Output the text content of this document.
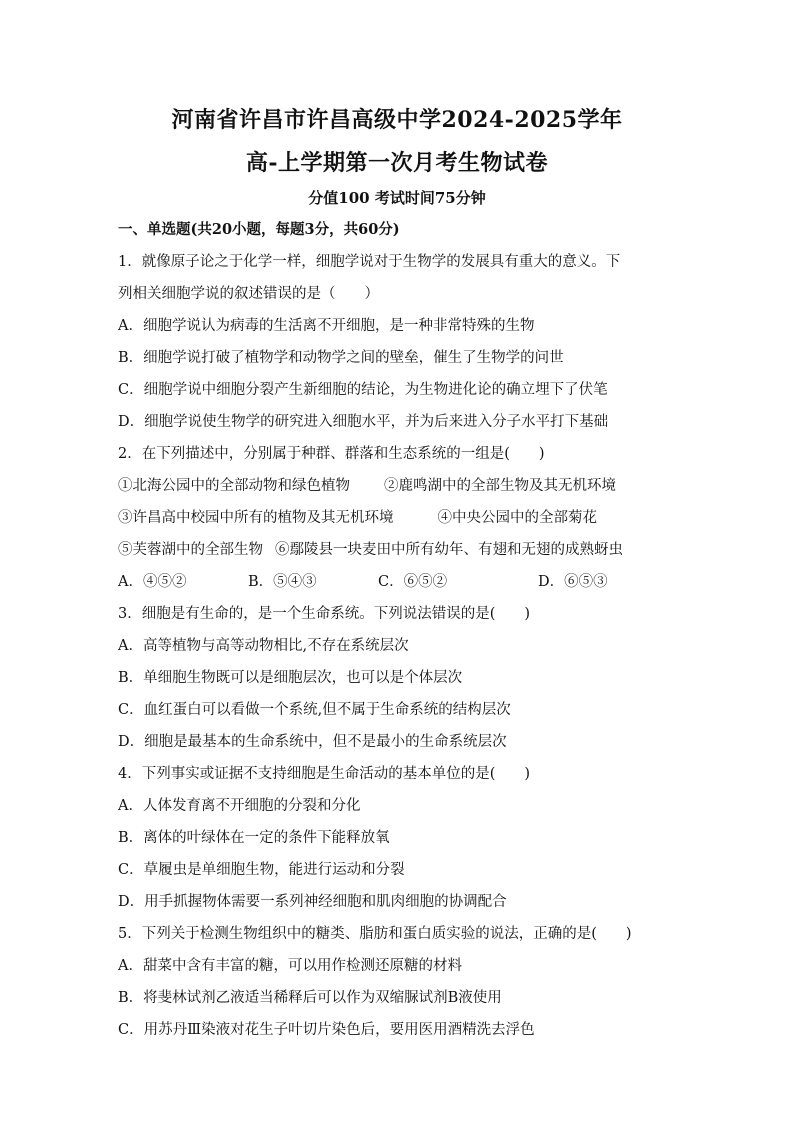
河南省许昌市许昌高级中学2024-2025学年
高-上学期第一次月考生物试卷
分值100 考试时间75分钟
一、单选题(共20小题，每题3分，共60分)
1．就像原子论之于化学一样，细胞学说对于生物学的发展具有重大的意义。下
列相关细胞学说的叙述错误的是（　　）
A．细胞学说认为病毒的生活离不开细胞，是一种非常特殊的生物
B．细胞学说打破了植物学和动物学之间的壁垒，催生了生物学的问世
C．细胞学说中细胞分裂产生新细胞的结论，为生物进化论的确立埋下了伏笔
D．细胞学说使生物学的研究进入细胞水平，并为后来进入分子水平打下基础
2．在下列描述中，分别属于种群、群落和生态系统的一组是(　　)
①北海公园中的全部动物和绿色植物 ②鹿鸣湖中的全部生物及其无机环境
③许昌高中校园中所有的植物及其无机环境	④中央公园中的全部菊花
⑤芙蓉湖中的全部生物 ⑥鄢陵县一块麦田中所有幼年、有翅和无翅的成熟蚜虫
A．④⑤②	B．⑤④③	C．⑥⑤②	D．⑥⑤③
3．细胞是有生命的，是一个生命系统。下列说法错误的是(　　)
A．高等植物与高等动物相比,不存在系统层次
B．单细胞生物既可以是细胞层次，也可以是个体层次
C．血红蛋白可以看做一个系统,但不属于生命系统的结构层次
D．细胞是最基本的生命系统中，但不是最小的生命系统层次
4．下列事实或证据不支持细胞是生命活动的基本单位的是(　　)
A．人体发育离不开细胞的分裂和分化
B．离体的叶绿体在一定的条件下能释放氧
C．草履虫是单细胞生物，能进行运动和分裂
D．用手抓握物体需要一系列神经细胞和肌肉细胞的协调配合
5．下列关于检测生物组织中的糖类、脂肪和蛋白质实验的说法，正确的是(　　)
A．甜菜中含有丰富的糖，可以用作检测还原糖的材料
B．将斐林试剂乙液适当稀释后可以作为双缩脲试剂B液使用
C．用苏丹Ⅲ染液对花生子叶切片染色后，要用医用酒精洗去浮色
